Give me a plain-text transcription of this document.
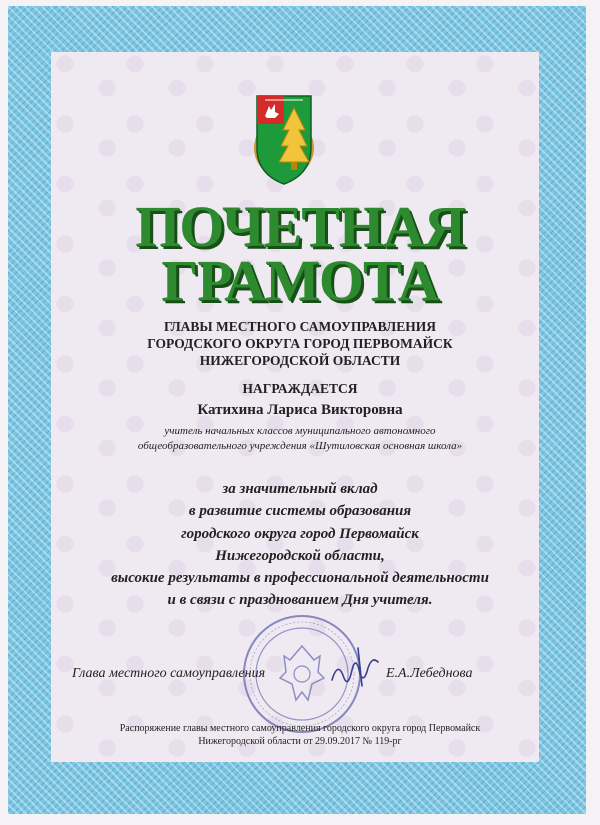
ПОЧЕТНАЯ
ГРАМОТА
ГЛАВЫ МЕСТНОГО САМОУПРАВЛЕНИЯ
ГОРОДСКОГО ОКРУГА ГОРОД ПЕРВОМАЙСК
НИЖЕГОРОДСКОЙ ОБЛАСТИ
НАГРАЖДАЕТСЯ
Катихина Лариса Викторовна
учитель начальных классов муниципального автономного
общеобразовательного учреждения «Шутиловская основная школа»
за значительный вклад
в развитие системы образования
городского округа город Первомайск
Нижегородской области,
высокие результаты в профессиональной деятельности
и в связи с празднованием Дня учителя.
Глава местного самоуправления	Е.А.Лебеднова
Распоряжение главы местного самоуправления городского округа город Первомайск
Нижегородской области от 29.09.2017 № 119-рг
